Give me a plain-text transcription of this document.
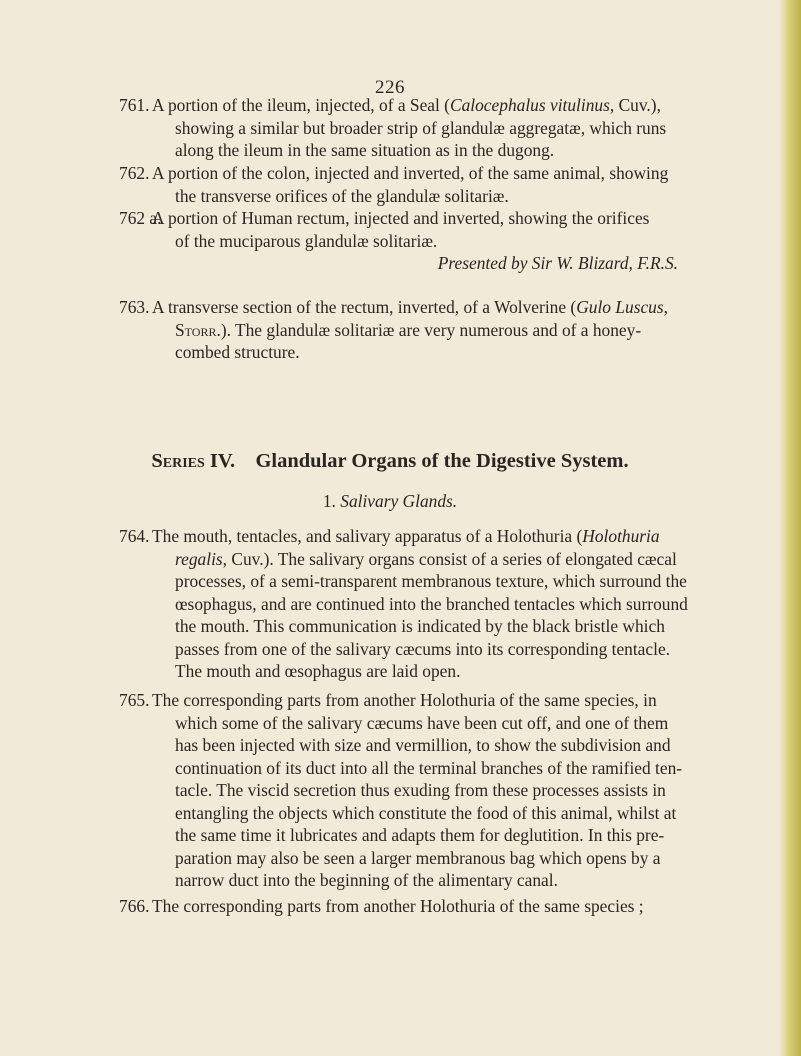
226
761. A portion of the ileum, injected, of a Seal (Calocephalus vitulinus, Cuv.),
showing a similar but broader strip of glandulæ aggregatæ, which runs
along the ileum in the same situation as in the dugong.
762. A portion of the colon, injected and inverted, of the same animal, showing
the transverse orifices of the glandulæ solitariæ.
762 a.
A portion of Human rectum, injected and inverted, showing the orifices
of the muciparous glandulæ solitariæ.
Presented by Sir W. Blizard, F.R.S.
763. A transverse section of the rectum, inverted, of a Wolverine (Gulo Luscus,
Storr.). The glandulæ solitariæ are very numerous and of a honey-
combed structure.
Series IV. Glandular Organs of the Digestive System.
1. Salivary Glands.
764. The mouth, tentacles, and salivary apparatus of a Holothuria (Holothuria
regalis, Cuv.). The salivary organs consist of a series of elongated cæcal
processes, of a semi-transparent membranous texture, which surround the
œsophagus, and are continued into the branched tentacles which surround
the mouth. This communication is indicated by the black bristle which
passes from one of the salivary cæcums into its corresponding tentacle.
The mouth and œsophagus are laid open.
765. The corresponding parts from another Holothuria of the same species, in
which some of the salivary cæcums have been cut off, and one of them
has been injected with size and vermillion, to show the subdivision and
continuation of its duct into all the terminal branches of the ramified ten-
tacle. The viscid secretion thus exuding from these processes assists in
entangling the objects which constitute the food of this animal, whilst at
the same time it lubricates and adapts them for deglutition. In this pre-
paration may also be seen a larger membranous bag which opens by a
narrow duct into the beginning of the alimentary canal.
766. The corresponding parts from another Holothuria of the same species ;
